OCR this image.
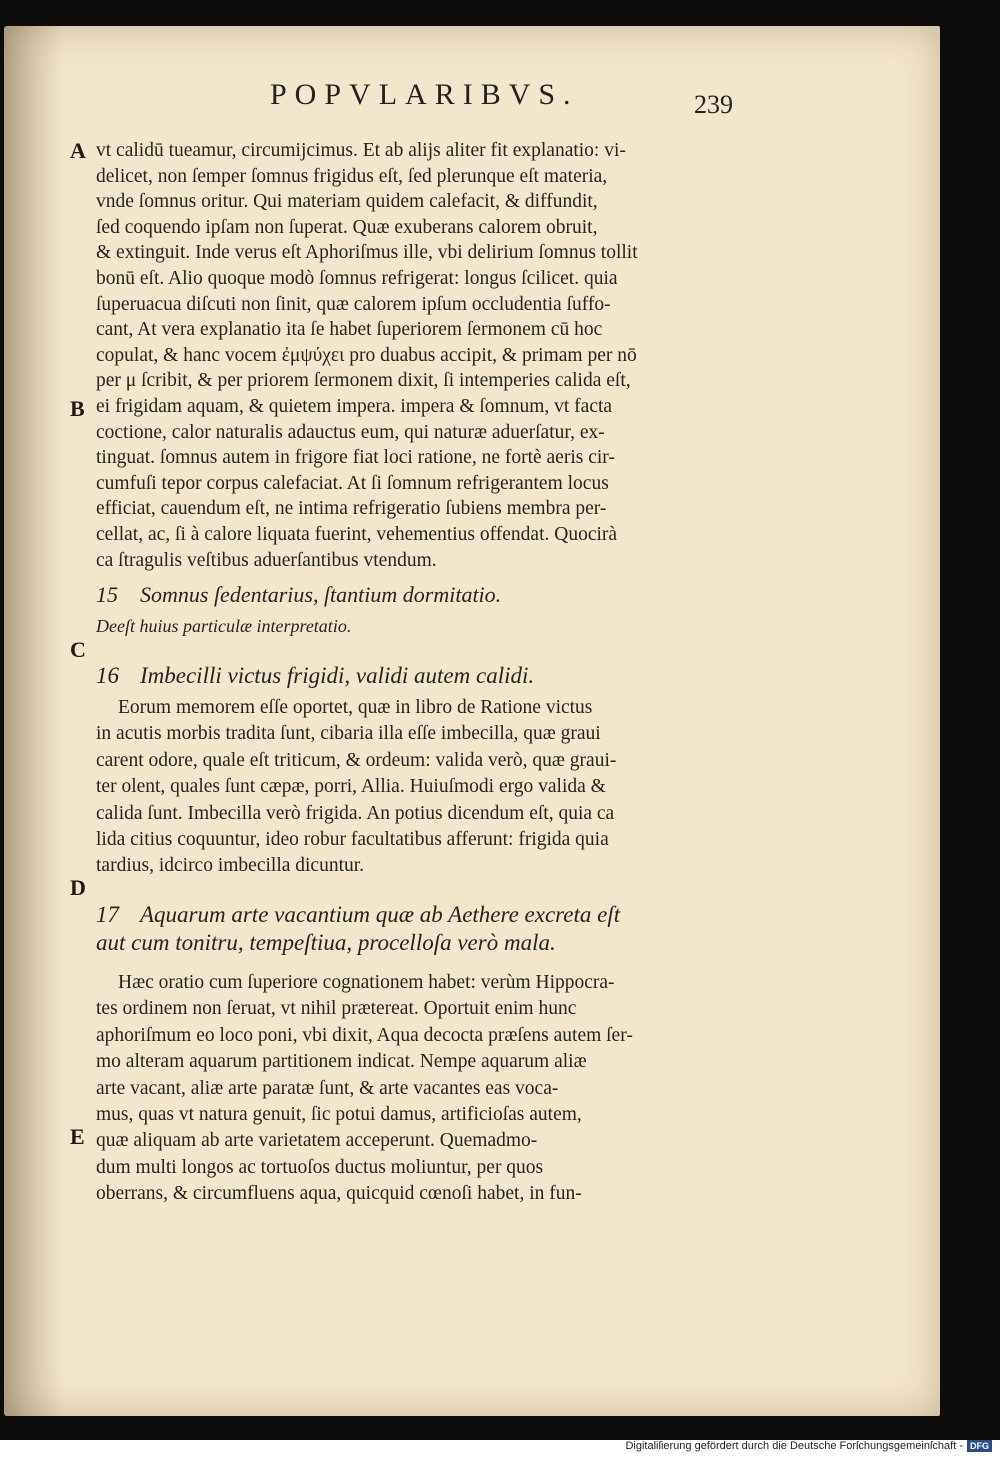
POPVLARIBVS.	239
A
B
C
D
E
vt calidū tueamur, circumijcimus. Et ab alijs aliter fit explanatio: vi-
delicet, non ſemper ſomnus frigidus eſt, ſed plerunque eſt materia,
vnde ſomnus oritur. Qui materiam quidem calefacit, & diffundit,
ſed coquendo ipſam non ſuperat. Quæ exuberans calorem obruit,
& extinguit. Inde verus eſt Aphoriſmus ille, vbi delirium ſomnus tollit
bonū eſt. Alio quoque modò ſomnus refrigerat: longus ſcilicet. quia
ſuperuacua diſcuti non ſinit, quæ calorem ipſum occludentia ſuffo-
cant, At vera explanatio ita ſe habet ſuperiorem ſermonem cū hoc
copulat, & hanc vocem ἐμψύχει pro duabus accipit, & primam per nō
per μ ſcribit, & per priorem ſermonem dixit, ſi intemperies calida eſt,
ei frigidam aquam, & quietem impera. impera & ſomnum, vt facta
coctione, calor naturalis adauctus eum, qui naturæ aduerſatur, ex-
tinguat. ſomnus autem in frigore fiat loci ratione, ne fortè aeris cir-
cumfuſi tepor corpus calefaciat. At ſi ſomnum refrigerantem locus
efficiat, cauendum eſt, ne intima refrigeratio ſubiens membra per-
cellat, ac, ſi à calore liquata fuerint, vehementius offendat. Quocirà
ca ſtragulis veſtibus aduerſantibus vtendum.
15 Somnus ſedentarius, ſtantium dormitatio.
Deeſt huius particulæ interpretatio.
16 Imbecilli victus frigidi, validi autem calidi.
Eorum memorem eſſe oportet, quæ in libro de Ratione victus
in acutis morbis tradita ſunt, cibaria illa eſſe imbecilla, quæ graui
carent odore, quale eſt triticum, & ordeum: valida verò, quæ graui-
ter olent, quales ſunt cæpæ, porri, Allia. Huiuſmodi ergo valida &
calida ſunt. Imbecilla verò frigida. An potius dicendum eſt, quia ca
lida citius coquuntur, ideo robur facultatibus afferunt: frigida quia
tardius, idcirco imbecilla dicuntur.
17 Aquarum arte vacantium quæ ab Aethere excreta eſt
aut cum tonitru, tempeſtiua, procelloſa verò mala.
Hæc oratio cum ſuperiore cognationem habet: verùm Hippocra-
tes ordinem non ſeruat, vt nihil prætereat. Oportuit enim hunc
aphoriſmum eo loco poni, vbi dixit, Aqua decocta præſens autem ſer-
mo alteram aquarum partitionem indicat. Nempe aquarum aliæ
arte vacant, aliæ arte paratæ ſunt, & arte vacantes eas voca-
mus, quas vt natura genuit, ſic potui damus, artificioſas autem,
quæ aliquam ab arte varietatem acceperunt. Quemadmo-
dum multi longos ac tortuoſos ductus moliuntur, per quos
oberrans, & circumfluens aqua, quicquid cœnoſi habet, in fun-
Digitaliſierung gefördert durch die Deutsche Forſchungsgemeinſchaft - DFG
